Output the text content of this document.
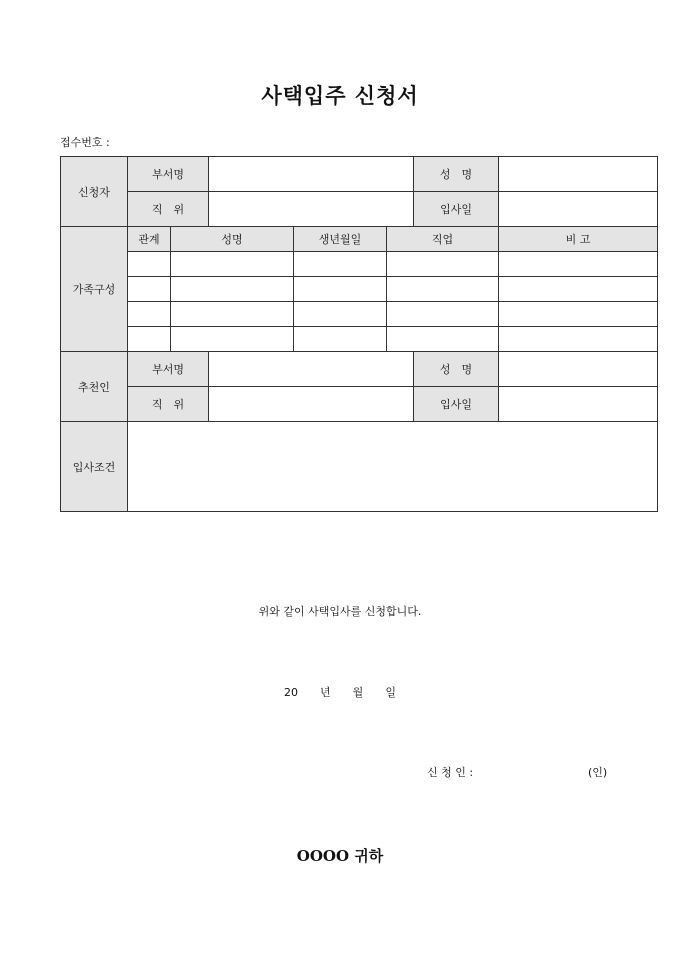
사택입주 신청서
접수번호 :
신청자	부서명					성　명	
	직　위					입사일	
가족구성	관계	성명		생년월일	직업		비 고

추천인	부서명					성　명	
	직　위					입사일	
입사조건							
위와 같이 사택입사를 신청합니다.
20 년 월 일
신 청 인 :	(인)
OOOO 귀하
